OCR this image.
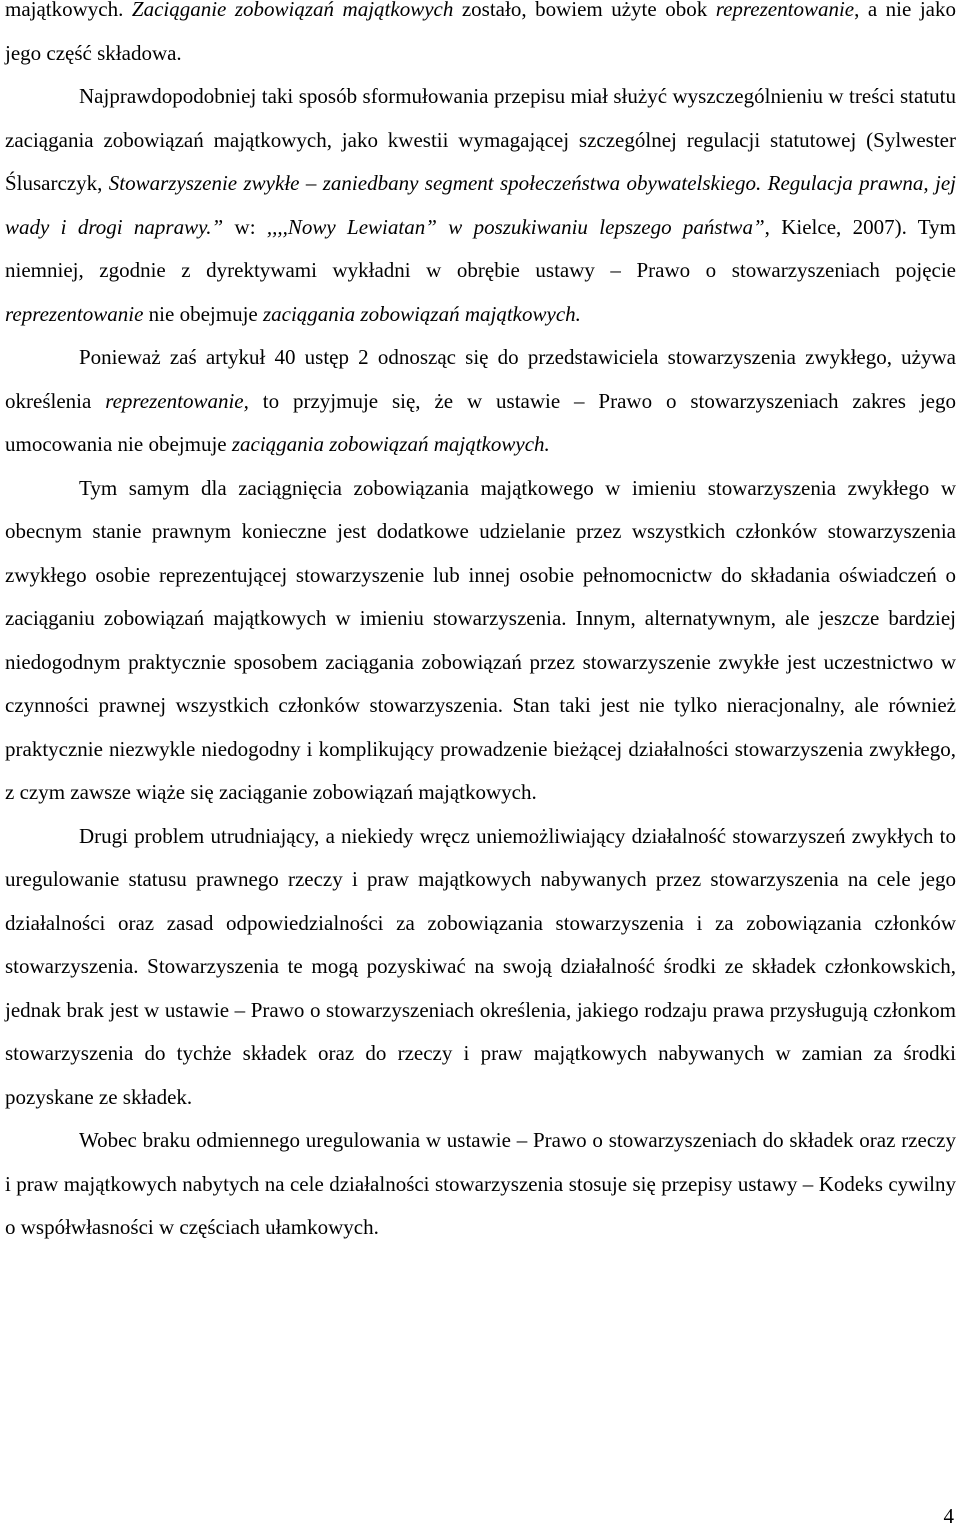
majątkowych. Zaciąganie zobowiązań majątkowych zostało, bowiem użyte obok reprezentowanie, a nie jako jego część składowa.

Najprawdopodobniej taki sposób sformułowania przepisu miał służyć wyszczególnieniu w treści statutu zaciągania zobowiązań majątkowych, jako kwestii wymagającej szczególnej regulacji statutowej (Sylwester Ślusarczyk, Stowarzyszenie zwykłe – zaniedbany segment społeczeństwa obywatelskiego. Regulacja prawna, jej wady i drogi naprawy.” w: ,,,,Nowy Lewiatan” w poszukiwaniu lepszego państwa”, Kielce, 2007). Tym niemniej, zgodnie z dyrektywami wykładni w obrębie ustawy – Prawo o stowarzyszeniach pojęcie reprezentowanie nie obejmuje zaciągania zobowiązań majątkowych.

Ponieważ zaś artykuł 40 ustęp 2 odnosząc się do przedstawiciela stowarzyszenia zwykłego, używa określenia reprezentowanie, to przyjmuje się, że w ustawie – Prawo o stowarzyszeniach zakres jego umocowania nie obejmuje zaciągania zobowiązań majątkowych.

Tym samym dla zaciągnięcia zobowiązania majątkowego w imieniu stowarzyszenia zwykłego w obecnym stanie prawnym konieczne jest dodatkowe udzielanie przez wszystkich członków stowarzyszenia zwykłego osobie reprezentującej stowarzyszenie lub innej osobie pełnomocnictw do składania oświadczeń o zaciąganiu zobowiązań majątkowych w imieniu stowarzyszenia. Innym, alternatywnym, ale jeszcze bardziej niedogodnym praktycznie sposobem zaciągania zobowiązań przez stowarzyszenie zwykłe jest uczestnictwo w czynności prawnej wszystkich członków stowarzyszenia. Stan taki jest nie tylko nieracjonalny, ale również praktycznie niezwykle niedogodny i komplikujący prowadzenie bieżącej działalności stowarzyszenia zwykłego, z czym zawsze wiąże się zaciąganie zobowiązań majątkowych.

Drugi problem utrudniający, a niekiedy wręcz uniemożliwiający działalność stowarzyszeń zwykłych to uregulowanie statusu prawnego rzeczy i praw majątkowych nabywanych przez stowarzyszenia na cele jego działalności oraz zasad odpowiedzialności za zobowiązania stowarzyszenia i za zobowiązania członków stowarzyszenia. Stowarzyszenia te mogą pozyskiwać na swoją działalność środki ze składek członkowskich, jednak brak jest w ustawie – Prawo o stowarzyszeniach określenia, jakiego rodzaju prawa przysługują członkom stowarzyszenia do tychże składek oraz do rzeczy i praw majątkowych nabywanych w zamian za środki pozyskane ze składek.

Wobec braku odmiennego uregulowania w ustawie – Prawo o stowarzyszeniach do składek oraz rzeczy i praw majątkowych nabytych na cele działalności stowarzyszenia stosuje się przepisy ustawy – Kodeks cywilny o współwłasności w częściach ułamkowych.

4
